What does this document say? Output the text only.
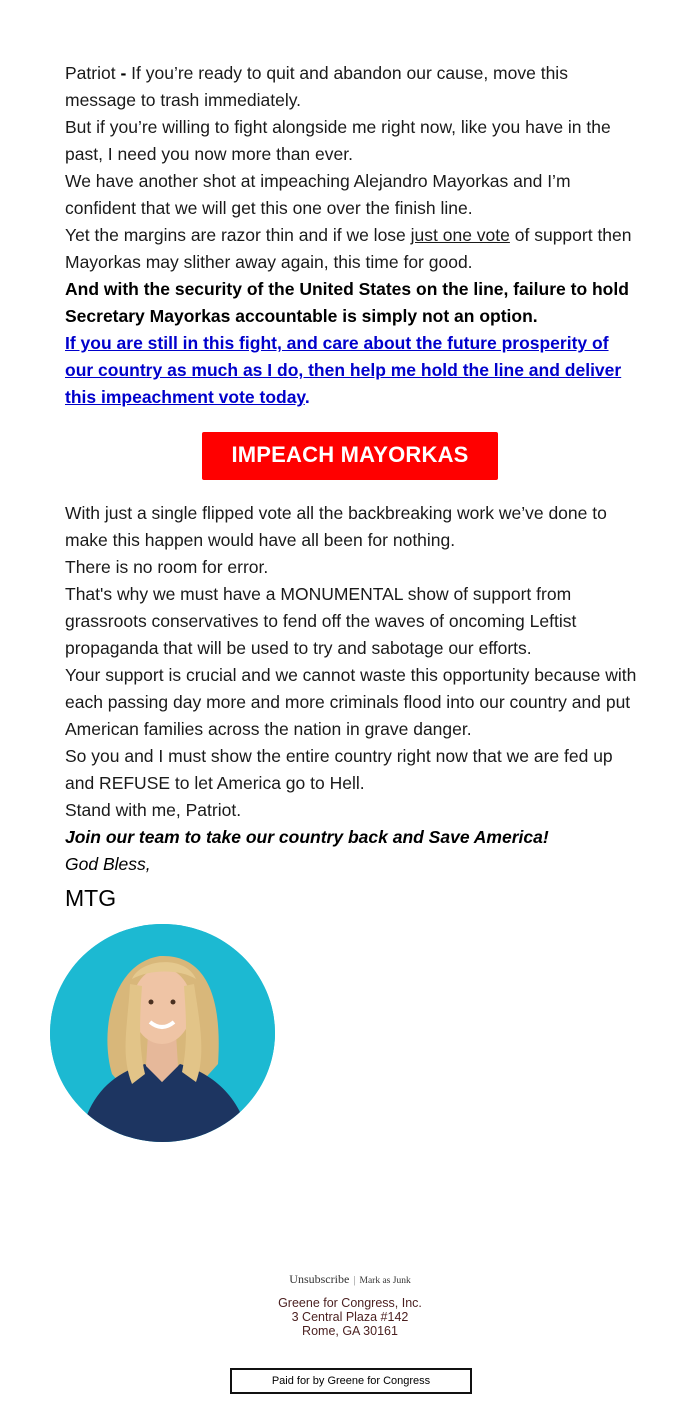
Patriot - If you’re ready to quit and abandon our cause, move this message to trash immediately.

But if you’re willing to fight alongside me right now, like you have in the past, I need you now more than ever.

We have another shot at impeaching Alejandro Mayorkas and I’m confident that we will get this one over the finish line.

Yet the margins are razor thin and if we lose just one vote of support then Mayorkas may slither away again, this time for good.

And with the security of the United States on the line, failure to hold Secretary Mayorkas accountable is simply not an option.

If you are still in this fight, and care about the future prosperity of our country as much as I do, then help me hold the line and deliver this impeachment vote today.

IMPEACH MAYORKAS

With just a single flipped vote all the backbreaking work we’ve done to make this happen would have all been for nothing.

There is no room for error.

That's why we must have a MONUMENTAL show of support from grassroots conservatives to fend off the waves of oncoming Leftist propaganda that will be used to try and sabotage our efforts.

Your support is crucial and we cannot waste this opportunity because with each passing day more and more criminals flood into our country and put American families across the nation in grave danger.

So you and I must show the entire country right now that we are fed up and REFUSE to let America go to Hell.

Stand with me, Patriot.

Join our team to take our country back and Save America!

God Bless,

MTG

Unsubscribe | Mark as Junk
Greene for Congress, Inc.
3 Central Plaza #142
Rome, GA 30161
Paid for by Greene for Congress
